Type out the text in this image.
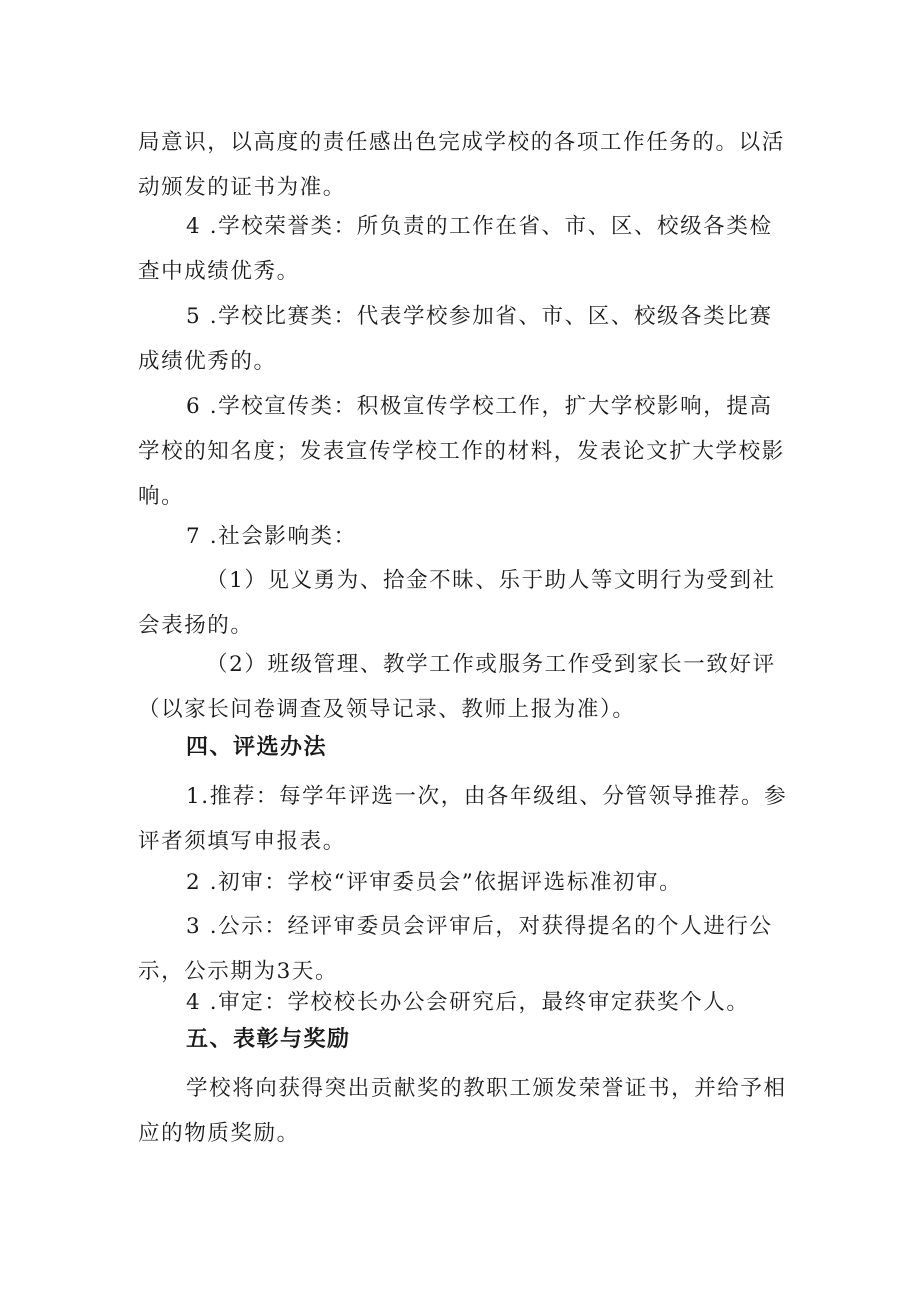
局意识，以高度的责任感出色完成学校的各项工作任务的。以活动颁发的证书为准。

4 .学校荣誉类：所负责的工作在省、市、区、校级各类检查中成绩优秀。

5 .学校比赛类：代表学校参加省、市、区、校级各类比赛成绩优秀的。

6 .学校宣传类：积极宣传学校工作，扩大学校影响，提高学校的知名度；发表宣传学校工作的材料，发表论文扩大学校影响。

7 .社会影响类：

（1）见义勇为、拾金不昧、乐于助人等文明行为受到社会表扬的。

（2）班级管理、教学工作或服务工作受到家长一致好评（以家长问卷调查及领导记录、教师上报为准）。

四、评选办法

1.推荐：每学年评选一次，由各年级组、分管领导推荐。参评者须填写申报表。

2 .初审：学校“评审委员会”依据评选标准初审。

3 .公示：经评审委员会评审后，对获得提名的个人进行公示，公示期为3天。

4 .审定：学校校长办公会研究后，最终审定获奖个人。

五、表彰与奖励

学校将向获得突出贡献奖的教职工颁发荣誉证书，并给予相应的物质奖励。
